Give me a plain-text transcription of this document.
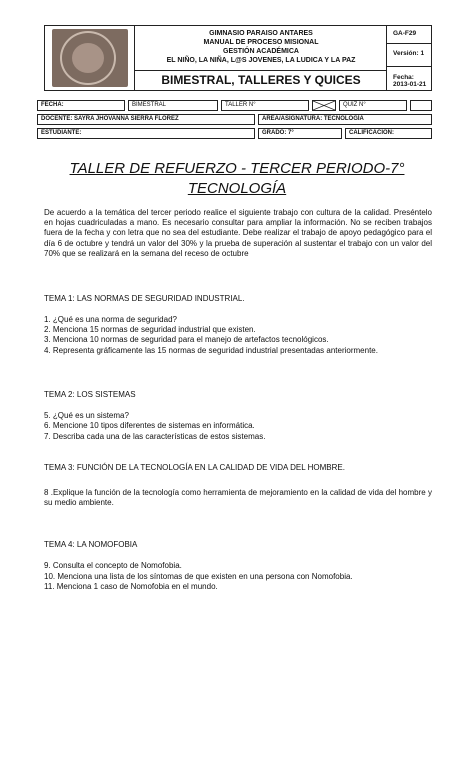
GIMNASIO PARAISO ANTARES
MANUAL DE PROCESO MISIONAL
GESTIÓN ACADÉMICA
EL NIÑO, LA NIÑA, L@S JOVENES, LA LUDICA Y LA PAZ
BIMESTRAL, TALLERES Y QUICES
GA-F29
Versión: 1
Fecha: 2013-01-21
FECHA:	BIMESTRAL	TALLER N°	QUIZ N°
DOCENTE: SAYRA JHOVANNA SIERRA FLOREZ	AREA/ASIGNATURA: TECNOLOGÍA
ESTUDIANTE:	GRADO: 7°	CALIFICACIÓN:
TALLER DE REFUERZO - TERCER PERIODO-7°
TECNOLOGÍA
De acuerdo a la temática del tercer periodo realice el siguiente trabajo con cultura de la calidad. Preséntelo en hojas cuadriculadas a mano. Es necesario consultar para ampliar la información. No se reciben trabajos fuera de la fecha y con letra que no sea del estudiante. Debe realizar el trabajo de apoyo pedagógico para el día 6 de octubre y tendrá un valor del 30% y la prueba de superación al sustentar el trabajo con un valor del 70% que se realizará en la semana del receso de octubre
TEMA 1: LAS NORMAS DE SEGURIDAD INDUSTRIAL.
1. ¿Qué es una norma de seguridad?
2. Menciona 15 normas de seguridad industrial que existen.
3. Menciona 10 normas de seguridad para el manejo de artefactos tecnológicos.
4. Representa gráficamente las 15 normas de seguridad industrial presentadas anteriormente.
TEMA 2: LOS SISTEMAS
5. ¿Qué es un sistema?
6. Mencione 10 tipos diferentes de sistemas en informática.
7. Describa cada una de las características de estos sistemas.
TEMA 3: FUNCIÓN DE LA TECNOLOGÍA EN LA CALIDAD DE VIDA DEL HOMBRE.
8 .Explique la función de la tecnología como herramienta de mejoramiento en la calidad de vida del hombre y su medio ambiente.
TEMA 4: LA NOMOFOBIA
9. Consulta el concepto de Nomofobia.
10. Menciona una lista de los síntomas de que existen en una persona con Nomofobia.
11. Menciona 1 caso de Nomofobia en el mundo.
